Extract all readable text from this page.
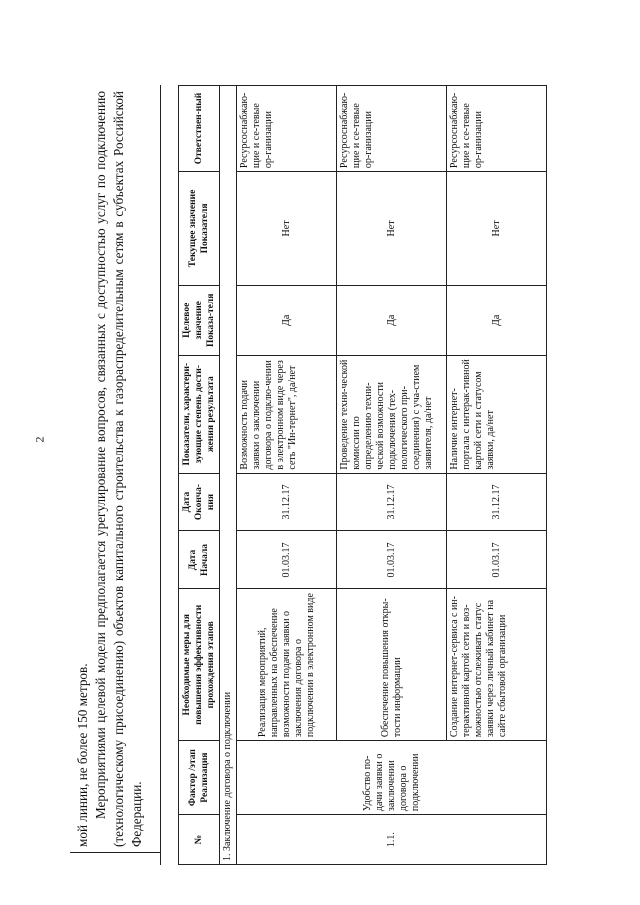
2
мой линии, не более 150 метров. Мероприятиями целевой модели предполагается урегулирование вопросов, связанных с доступностью услуг по подключению (технологическому присоединению) объектов капитального строительства к газораспределительным сетям в субъектах Российской Федерации.	№	Фактор /этап Реализация	Необходимые меры для повышения эффективности прохождения этапов	Дата Начала	Дата Оконча-ния	Показатели, характери-зующие степень дости-жения результата	Целевое значение Показа-теля	Текущее значение Показателя	Ответствен-ный
1. Заключение договора о подключении								
1.1.	Удобство по-дачи заявки о заключении договора о подключении	Реализация мероприятий, направленных на обеспечение возможности подачи заявки о заключения договора о подключении в электронном виде	01.03.17	31.12.17	Возможность подачи заявки о заключении договора о подклю-чении в электронном виде через сеть "Ин-тернет", да/нет	Да	Нет	Ресурсоснабжаю-щие и се-тевые ор-ганизации
		Обеспечение повышения откры-тости информации	01.03.17	31.12.17	Проведение техни-ческой комиссии по определению техни-ческой возможности подключения (тех-нологического при-соединения) с уча-стием заявителя, да/нет	Да	Нет	Ресурсоснабжаю-щие и се-тевые ор-ганизации
		Создание интернет-сервиса с ин-терактивной картой сети и воз-можностью отслеживать статус заявки через личный кабинет на сайте сбытовой организации	01.03.17	31.12.17	Наличие интернет-портала с интерак-тивной картой сети и статусом заявки, да/нет	Да	Нет	Ресурсоснабжаю-щие и се-тевые ор-ганизации
